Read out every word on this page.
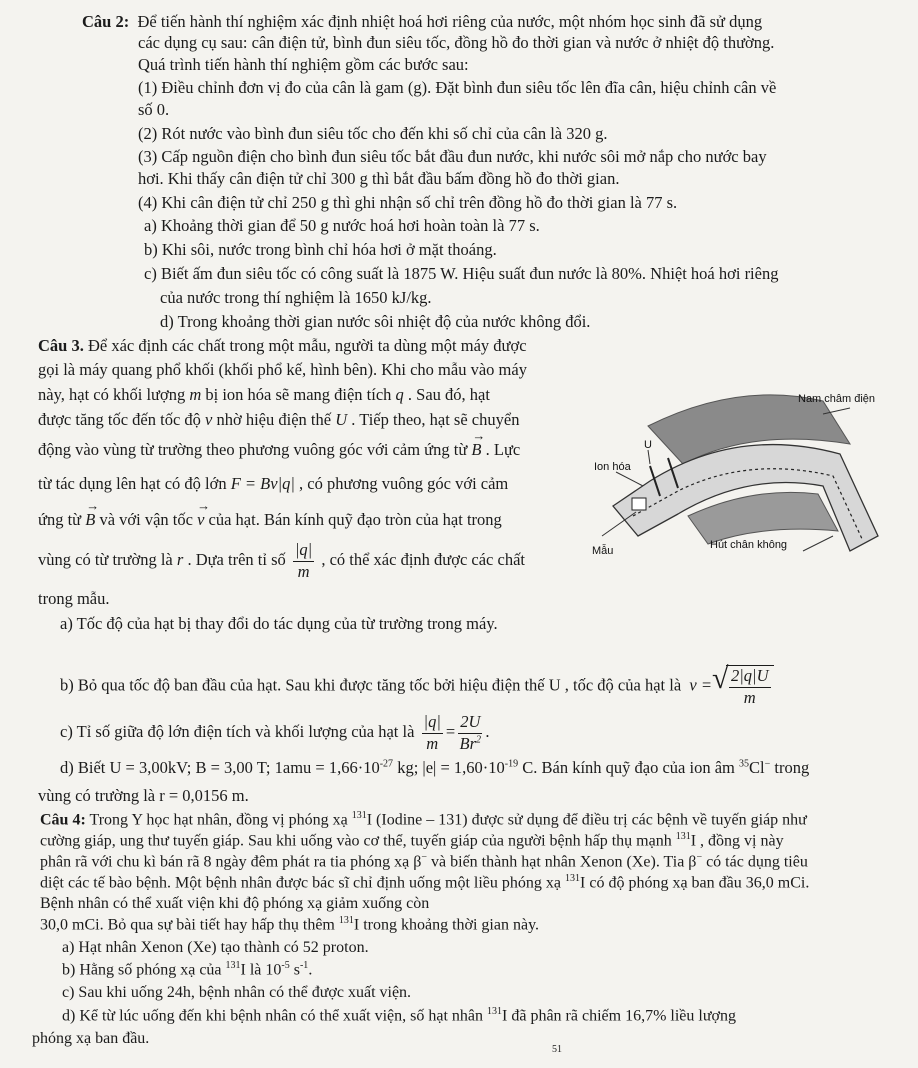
Câu 2: Để tiến hành thí nghiệm xác định nhiệt hoá hơi riêng của nước, một nhóm học sinh đã sử dụng
các dụng cụ sau: cân điện tử, bình đun siêu tốc, đồng hồ đo thời gian và nước ở nhiệt độ thường.
Quá trình tiến hành thí nghiệm gồm các bước sau:
(1) Điều chỉnh đơn vị đo của cân là gam (g). Đặt bình đun siêu tốc lên đĩa cân, hiệu chỉnh cân về
số 0.
(2) Rót nước vào bình đun siêu tốc cho đến khi số chỉ của cân là 320 g.
(3) Cấp nguồn điện cho bình đun siêu tốc bắt đầu đun nước, khi nước sôi mở nắp cho nước bay
hơi. Khi thấy cân điện tử chỉ 300 g thì bắt đầu bấm đồng hồ đo thời gian.
(4) Khi cân điện tử chỉ 250 g thì ghi nhận số chỉ trên đồng hồ đo thời gian là 77 s.
a) Khoảng thời gian để 50 g nước hoá hơi hoàn toàn là 77 s.
b) Khi sôi, nước trong bình chỉ hóa hơi ở mặt thoáng.
c) Biết ấm đun siêu tốc có công suất là 1875 W. Hiệu suất đun nước là 80%. Nhiệt hoá hơi riêng
của nước trong thí nghiệm là 1650 kJ/kg.
d) Trong khoảng thời gian nước sôi nhiệt độ của nước không đổi.
Câu 3. Để xác định các chất trong một mẫu, người ta dùng một máy được
gọi là máy quang phổ khối (khối phổ kế, hình bên). Khi cho mẫu vào máy
này, hạt có khối lượng m bị ion hóa sẽ mang điện tích q . Sau đó, hạt
được tăng tốc đến tốc độ v nhờ hiệu điện thế U . Tiếp theo, hạt sẽ chuyển
động vào vùng từ trường theo phương vuông góc với cảm ứng từ
→
B . Lực
từ tác dụng lên hạt có độ lớn F = Bv|q| , có phương vuông góc với cảm
ứng từ
→
B và với vận tốc
→
v của hạt. Bán kính quỹ đạo tròn của hạt trong
vùng có từ trường là r . Dựa trên tỉ số $\frac{|q|}{m}$ , có thể xác định được các chất
trong mẫu.
a) Tốc độ của hạt bị thay đổi do tác dụng của từ trường trong máy.
b) Bỏ qua tốc độ ban đầu của hạt. Sau khi được tăng tốc bởi hiệu điện thế U , tốc độ của hạt là v =
√ $\frac{2|q|U}{m}$
c) Tỉ số giữa độ lớn điện tích và khối lượng của hạt là $\frac{|q|}{m} = \frac{2U}{Br^2}$ .
d) Biết U = 3,00kV; B = 3,00 T; $1amu = 1,66\cdot 10^{-27}$ kg; $|e| = 1,60\cdot 10^{-19}$ C. Bán kính quỹ đạo của ion âm $^{35}$Cl− trong
vùng có trường là r = 0,0156 m.
Nam châm điện
Ion hóa
U
Mẫu	Hút chân không
Câu 4: Trong Y học hạt nhân, đồng vị phóng xạ $^{131}$I (Iodine – 131) được sử dụng để điều trị các bệnh về tuyến giáp như
cường giáp, ung thư tuyến giáp. Sau khi uống vào cơ thể, tuyến giáp của người bệnh hấp thụ mạnh $^{131}$I , đồng vị này
phân rã với chu kì bán rã 8 ngày đêm phát ra tia phóng xạ β− và biến thành hạt nhân Xenon (Xe). Tia β− có tác dụng tiêu
diệt các tế bào bệnh. Một bệnh nhân được bác sĩ chỉ định uống một liều phóng xạ $^{131}$I có độ phóng xạ ban đầu 36,0 mCi.
Bệnh nhân có thể xuất viện khi độ phóng xạ giảm xuống còn
30,0 mCi. Bỏ qua sự bài tiết hay hấp thụ thêm $^{131}$I trong khoảng thời gian này.
a) Hạt nhân Xenon (Xe) tạo thành có 52 proton.
b) Hằng số phóng xạ của $^{131}$I là $10^{-5}$ $s^{-1}$.
c) Sau khi uống 24h, bệnh nhân có thể được xuất viện.
d) Kể từ lúc uống đến khi bệnh nhân có thể xuất viện, số hạt nhân $^{131}$I đã phân rã chiếm 16,7% liều lượng
phóng xạ ban đầu.
51
